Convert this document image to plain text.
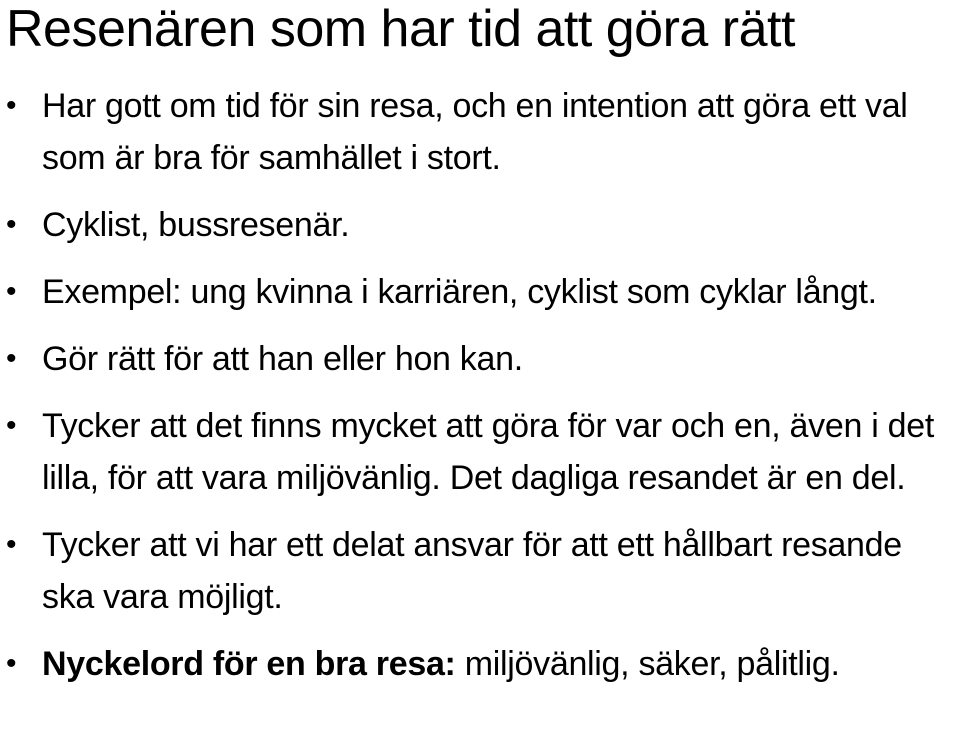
Resenären som har tid att göra rätt
• Har gott om tid för sin resa, och en intention att göra ett val som är bra för samhället i stort.
• Cyklist, bussresenär.
• Exempel: ung kvinna i karriären, cyklist som cyklar långt.
• Gör rätt för att han eller hon kan.
• Tycker att det finns mycket att göra för var och en, även i det lilla, för att vara miljövänlig. Det dagliga resandet är en del.
• Tycker att vi har ett delat ansvar för att ett hållbart resande ska vara möjligt.
• Nyckelord för en bra resa: miljövänlig, säker, pålitlig.
